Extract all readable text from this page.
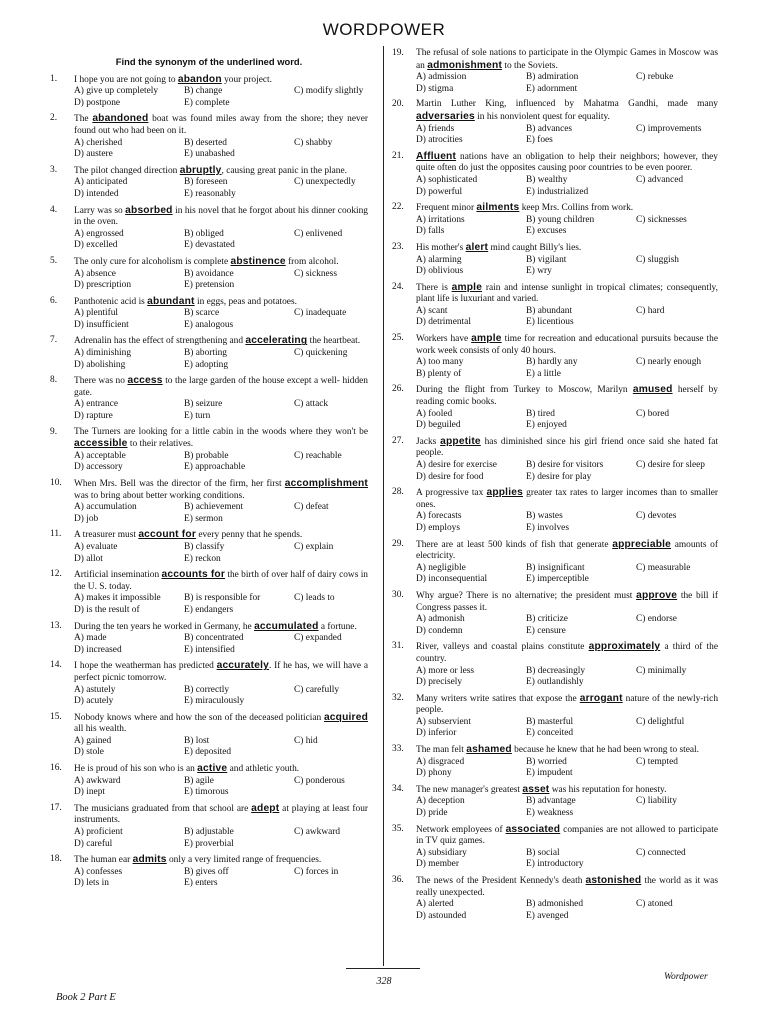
WORDPOWER
Find the synonym of the underlined word.
1.	I hope you are not going to abandon your project.
A) give up completely	B) change	C) modify slightly
D) postpone	E) complete
2.	The abandoned boat was found miles away from the shore; they never found out who had been on it.
A) cherished	B) deserted	C) shabby
D) austere	E) unabashed
3.	The pilot changed direction abruptly, causing great panic in the plane.
A) anticipated	B) foreseen	C) unexpectedly
D) intended	E) reasonably
4.	Larry was so absorbed in his novel that he forgot about his dinner cooking in the oven.
A) engrossed	B) obliged	C) enlivened
D) excelled	E) devastated
5.	The only cure for alcoholism is complete abstinence from alcohol.
A) absence	B) avoidance	C) sickness
D) prescription	E) pretension
6.	Panthotenic acid is abundant in eggs, peas and potatoes.
A) plentiful	B) scarce	C) inadequate
D) insufficient	E) analogous
7.	Adrenalin has the effect of strengthening and accelerating the heartbeat.
A) diminishing	B) aborting	C) quickening
D) abolishing	E) adopting
8.	There was no access to the large garden of the house except a well- hidden gate.
A) entrance	B) seizure	C) attack
D) rapture	E) turn
9.	The Turners are looking for a little cabin in the woods where they won't be accessible to their relatives.
A) acceptable	B) probable	C) reachable
D) accessory	E) approachable
10.	When Mrs. Bell was the director of the firm, her first accomplishment was to bring about better working conditions.
A) accumulation	B) achievement	C) defeat
D) job	E) sermon
11.	A treasurer must account for every penny that he spends.
A) evaluate	B) classify	C) explain
D) allot	E) reckon
12.	Artificial insemination accounts for the birth of over half of dairy cows in the U. S. today.
A) makes it impossible	B) is responsible for	C) leads to
D) is the result of	E) endangers
13.	During the ten years he worked in Germany, he accumulated a fortune.
A) made	B) concentrated	C) expanded
D) increased	E) intensified
14.	I hope the weatherman has predicted accurately. If he has, we will have a perfect picnic tomorrow.
A) astutely	B) correctly	C) carefully
D) acutely	E) miraculously
15.	Nobody knows where and how the son of the deceased politician acquired all his wealth.
A) gained	B) lost	C) hid
D) stole	E) deposited
16.	He is proud of his son who is an active and athletic youth.
A) awkward	B) agile	C) ponderous
D) inept	E) timorous
17.	The musicians graduated from that school are adept at playing at least four instruments.
A) proficient	B) adjustable	C) awkward
D) careful	E) proverbial
18.	The human ear admits only a very limited range of frequencies.
A) confesses	B) gives off	C) forces in
D) lets in	E) enters
19.	The refusal of sole nations to participate in the Olympic Games in Moscow was an admonishment to the Soviets.
A) admission	B) admiration	C) rebuke
D) stigma	E) adornment
20.	Martin Luther King, influenced by Mahatma Gandhi, made many adversaries in his nonviolent quest for equality.
A) friends	B) advances	C) improvements
D) atrocities	E) foes
21.	Affluent nations have an obligation to help their neighbors; however, they quite often do just the opposites causing poor countries to be even poorer.
A) sophisticated	B) wealthy	C) advanced
D) powerful	E) industrialized
22.	Frequent minor ailments keep Mrs. Collins from work.
A) irritations	B) young children	C) sicknesses
D) falls	E) excuses
23.	His mother's alert mind caught Billy's lies.
A) alarming	B) vigilant	C) sluggish
D) oblivious	E) wry
24.	There is ample rain and intense sunlight in tropical climates; consequently, plant life is luxuriant and varied.
A) scant	B) abundant	C) hard
D) detrimental	E) licentious
25.	Workers have ample time for recreation and educational pursuits because the work week consists of only 40 hours.
A) too many	B) hardly any	C) nearly enough
B) plenty of	E) a little
26.	During the flight from Turkey to Moscow, Marilyn amused herself by reading comic books.
A) fooled	B) tired	C) bored
D) beguiled	E) enjoyed
27.	Jacks appetite has diminished since his girl friend once said she hated fat people.
A) desire for exercise	B) desire for visitors	C) desire for sleep
D) desire for food	E) desire for play
28.	A progressive tax applies greater tax rates to larger incomes than to smaller ones.
A) forecasts	B) wastes	C) devotes
D) employs	E) involves
29.	There are at least 500 kinds of fish that generate appreciable amounts of electricity.
A) negligible	B) insignificant	C) measurable
D) inconsequential	E) imperceptible
30.	Why argue? There is no alternative; the president must approve the bill if Congress passes it.
A) admonish	B) criticize	C) endorse
D) condemn	E) censure
31.	River, valleys and coastal plains constitute approximately a third of the country.
A) more or less	B) decreasingly	C) minimally
D) precisely	E) outlandishly
32.	Many writers write satires that expose the arrogant nature of the newly-rich people.
A) subservient	B) masterful	C) delightful
D) inferior	E) conceited
33.	The man felt ashamed because he knew that he had been wrong to steal.
A) disgraced	B) worried	C) tempted
D) phony	E) impudent
34.	The new manager's greatest asset was his reputation for honesty.
A) deception	B) advantage	C) liability
D) pride	E) weakness
35.	Network employees of associated companies are not allowed to participate in TV quiz games.
A) subsidiary	B) social	C) connected
D) member	E) introductory
36.	The news of the President Kennedy's death astonished the world as it was really unexpected.
A) alerted	B) admonished	C) atoned
D) astounded	E) avenged
328	Wordpower
Book 2 Part E
